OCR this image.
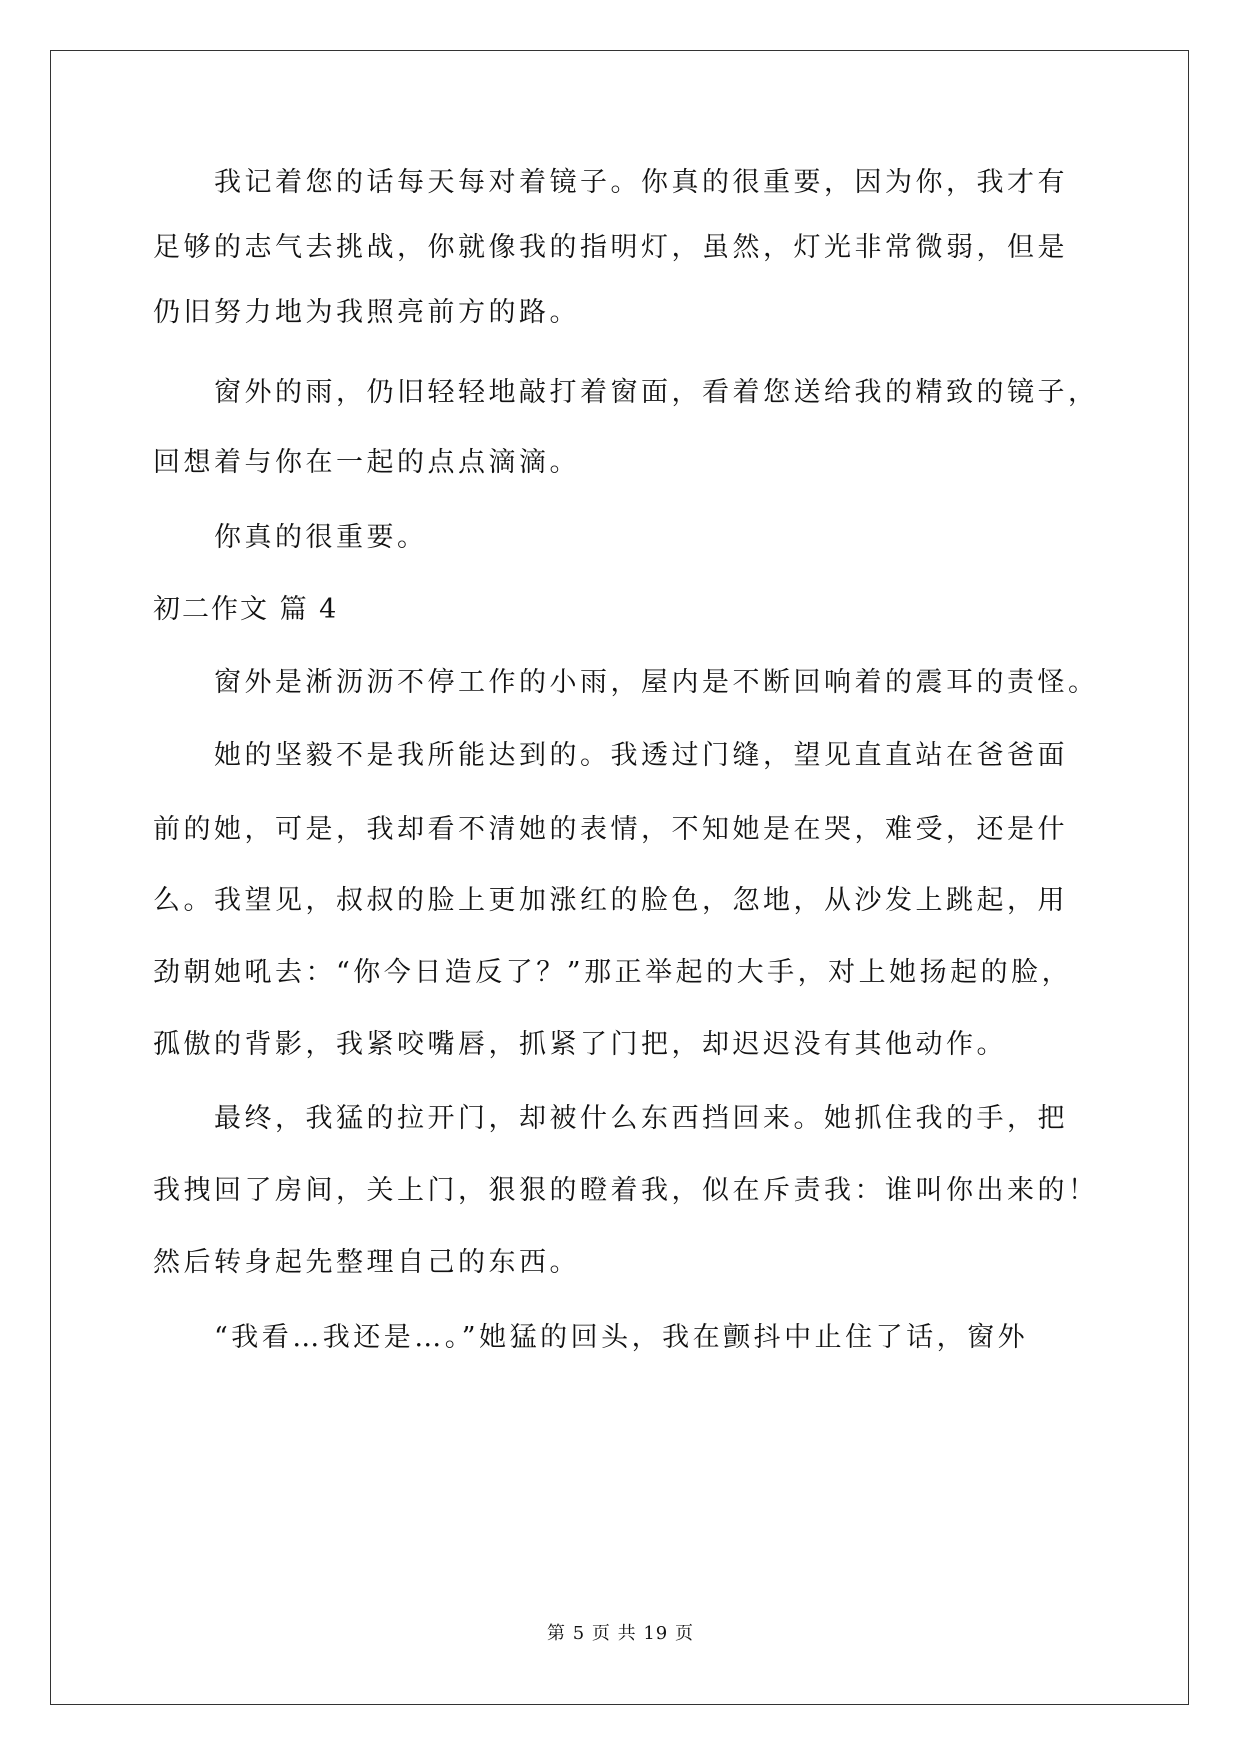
我记着您的话每天每对着镜子。你真的很重要，因为你，我才有
足够的志气去挑战，你就像我的指明灯，虽然，灯光非常微弱，但是
仍旧努力地为我照亮前方的路。
窗外的雨，仍旧轻轻地敲打着窗面，看着您送给我的精致的镜子，
回想着与你在一起的点点滴滴。
你真的很重要。
初二作文 篇 4
窗外是淅沥沥不停工作的小雨，屋内是不断回响着的震耳的责怪。
她的坚毅不是我所能达到的。我透过门缝，望见直直站在爸爸面
前的她，可是，我却看不清她的表情，不知她是在哭，难受，还是什
么。我望见，叔叔的脸上更加涨红的脸色，忽地，从沙发上跳起，用
劲朝她吼去：“你今日造反了？”那正举起的大手，对上她扬起的脸，
孤傲的背影，我紧咬嘴唇，抓紧了门把，却迟迟没有其他动作。
最终，我猛的拉开门，却被什么东西挡回来。她抓住我的手，把
我拽回了房间，关上门，狠狠的瞪着我，似在斥责我：谁叫你出来的！
然后转身起先整理自己的东西。
“我看…我还是…。”她猛的回头，我在颤抖中止住了话，窗外
第 5 页 共 19 页
